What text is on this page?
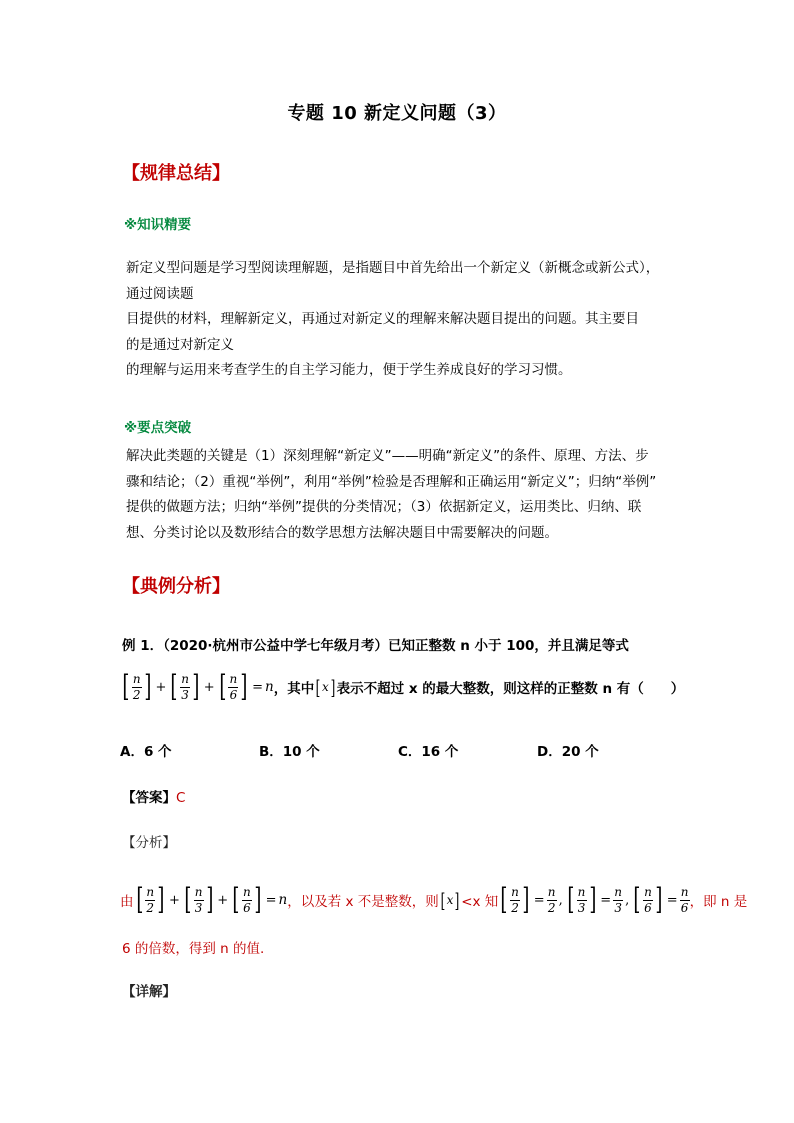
专题 10 新定义问题（3）
【规律总结】
※知识精要
新定义型问题是学习型阅读理解题，是指题目中首先给出一个新定义（新概念或新公式），
通过阅读题
目提供的材料，理解新定义，再通过对新定义的理解来解决题目提出的问题。其主要目
的是通过对新定义
的理解与运用来考查学生的自主学习能力，便于学生养成良好的学习习惯。
※要点突破
解决此类题的关键是（1）深刻理解“新定义”——明确“新定义”的条件、原理、方法、步
骤和结论；（2）重视“举例”，利用“举例”检验是否理解和正确运用“新定义”；归纳“举例”
提供的做题方法；归纳“举例”提供的分类情况；（3）依据新定义，运用类比、归纳、联
想、分类讨论以及数形结合的数学思想方法解决题目中需要解决的问题。
【典例分析】
例 1．（2020·杭州市公益中学七年级月考）已知正整数 n 小于 100，并且满足等式
[ $\frac{n}{2}$ ] + [ $\frac{n}{3}$ ] + [ $\frac{n}{6}$ ] = n ，其中 [ x ] 表示不超过 x 的最大整数，则这样的正整数 n 有（　　）
A．6 个	B．10 个	C．16 个	D．20 个
【答案】C
【分析】
由 [ $\frac{n}{2}$ ] + [ $\frac{n}{3}$ ] + [ $\frac{n}{6}$ ] = n ，以及若 x 不是整数，则 [ x ] <x 知 [ $\frac{n}{2}$ ] = $\frac{n}{2}$ , [ $\frac{n}{3}$ ] = $\frac{n}{3}$ , [ $\frac{n}{6}$ ] = $\frac{n}{6}$ ，即 n 是
6 的倍数，得到 n 的值.
【详解】
